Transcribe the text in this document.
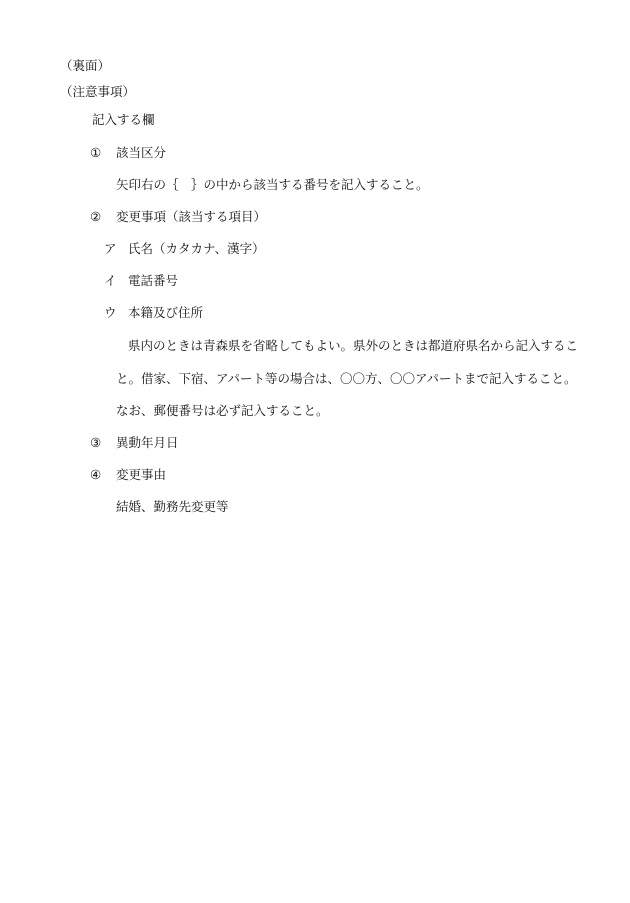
（裏面）
（注意事項）
記入する欄
① 該当区分
矢印右の｛　｝の中から該当する番号を記入すること。
② 変更事項（該当する項目）
ア 氏名（カタカナ、漢字）
イ 電話番号
ウ 本籍及び住所
県内のときは青森県を省略してもよい。県外のときは都道府県名から記入するこ
と。借家、下宿、アパート等の場合は、〇〇方、〇〇アパートまで記入すること。
なお、郵便番号は必ず記入すること。
③ 異動年月日
④ 変更事由
結婚、勤務先変更等
